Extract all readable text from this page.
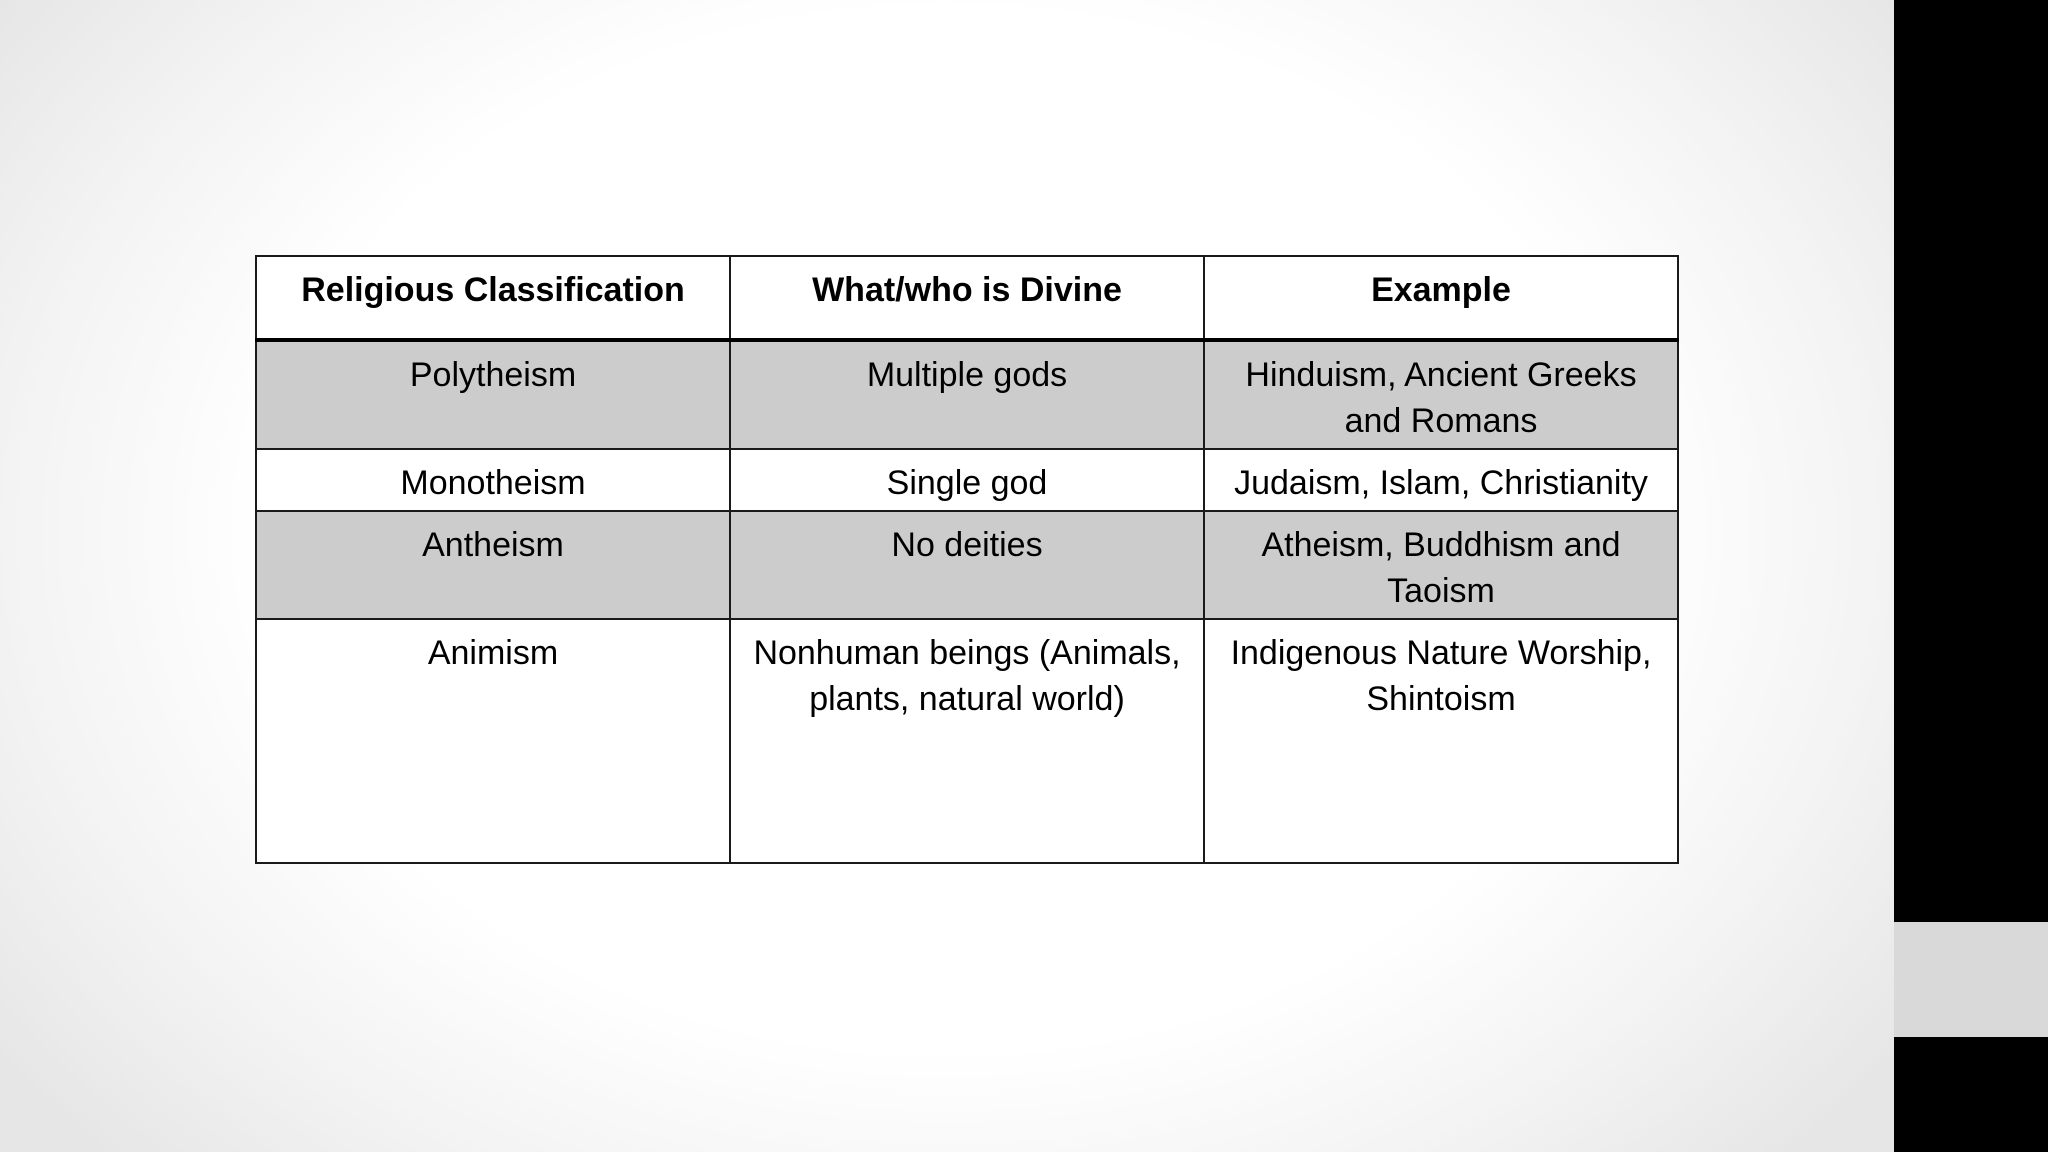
Religious Classification	What/who is Divine	Example
Polytheism	Multiple gods	Hinduism, Ancient Greeks and Romans
Monotheism	Single god	Judaism, Islam, Christianity
Antheism	No deities	Atheism, Buddhism and Taoism
Animism	Nonhuman beings (Animals, plants, natural world)	Indigenous Nature Worship, Shintoism
